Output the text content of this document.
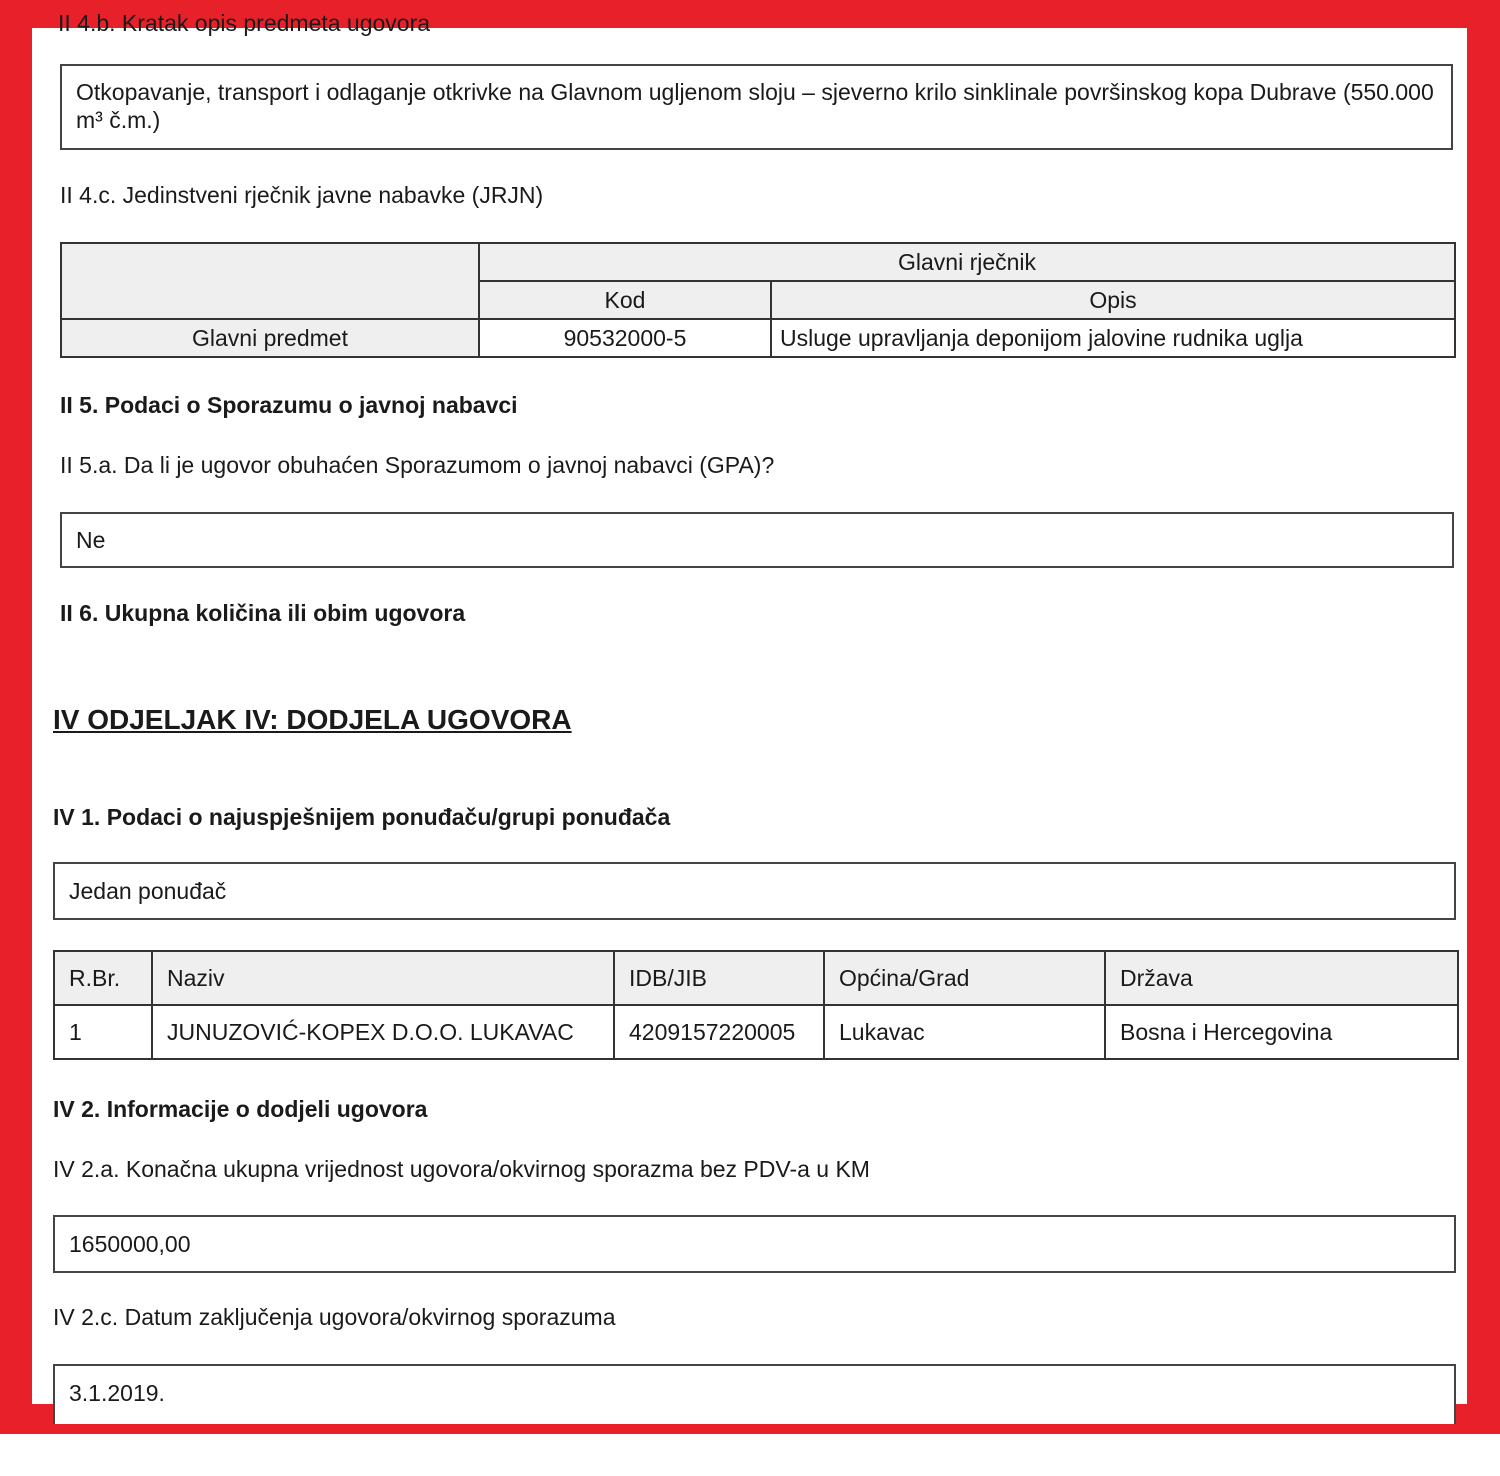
II 4.b. Kratak opis predmeta ugovora
Otkopavanje, transport i odlaganje otkrivke na Glavnom ugljenom sloju – sjeverno krilo sinklinale površinskog kopa Dubrave (550.000 m³ č.m.)
II 4.c. Jedinstveni rječnik javne nabavke (JRJN)
	Glavni rječnik	
	Kod	Opis
Glavni predmet	90532000-5	Usluge upravljanja deponijom jalovine rudnika uglja
II 5. Podaci o Sporazumu o javnoj nabavci
II 5.a. Da li je ugovor obuhaćen Sporazumom o javnoj nabavci (GPA)?
Ne
II 6. Ukupna količina ili obim ugovora
IV ODJELJAK IV: DODJELA UGOVORA
IV 1. Podaci o najuspješnijem ponuđaču/grupi ponuđača
Jedan ponuđač
R.Br.	Naziv	IDB/JIB	Općina/Grad	Država
1	JUNUZOVIĆ-KOPEX D.O.O. LUKAVAC	4209157220005	Lukavac	Bosna i Hercegovina
IV 2. Informacije o dodjeli ugovora
IV 2.a. Konačna ukupna vrijednost ugovora/okvirnog sporazma bez PDV-a u KM
1650000,00
IV 2.c. Datum zaključenja ugovora/okvirnog sporazuma
3.1.2019.
